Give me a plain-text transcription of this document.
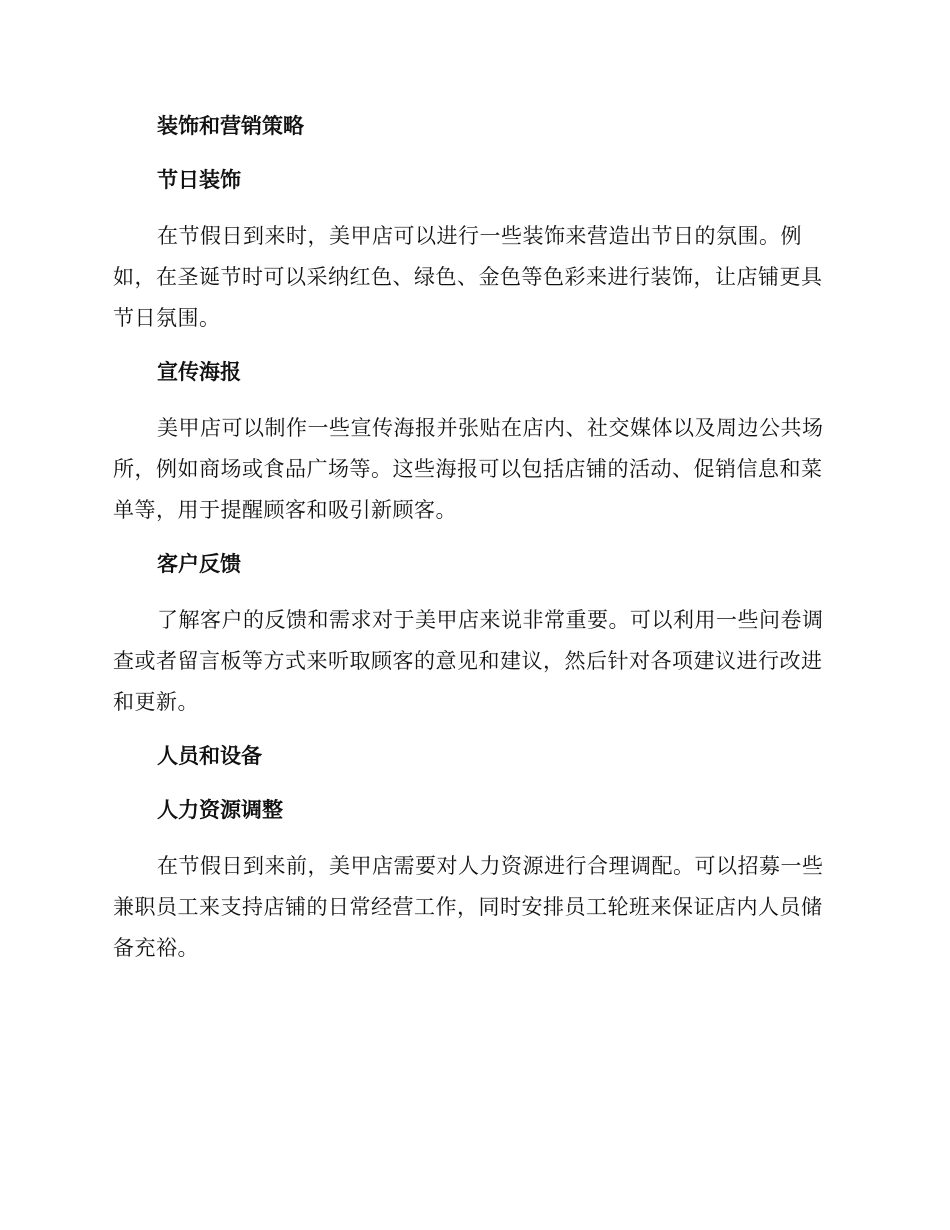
装饰和营销策略
节日装饰

在节假日到来时，美甲店可以进行一些装饰来营造出节日的氛围。例如，在圣诞节时可以采纳红色、绿色、金色等色彩来进行装饰，让店铺更具节日氛围。

宣传海报

美甲店可以制作一些宣传海报并张贴在店内、社交媒体以及周边公共场所，例如商场或食品广场等。这些海报可以包括店铺的活动、促销信息和菜单等，用于提醒顾客和吸引新顾客。

客户反馈

了解客户的反馈和需求对于美甲店来说非常重要。可以利用一些问卷调查或者留言板等方式来听取顾客的意见和建议，然后针对各项建议进行改进和更新。

人员和设备
人力资源调整

在节假日到来前，美甲店需要对人力资源进行合理调配。可以招募一些兼职员工来支持店铺的日常经营工作，同时安排员工轮班来保证店内人员储备充裕。
